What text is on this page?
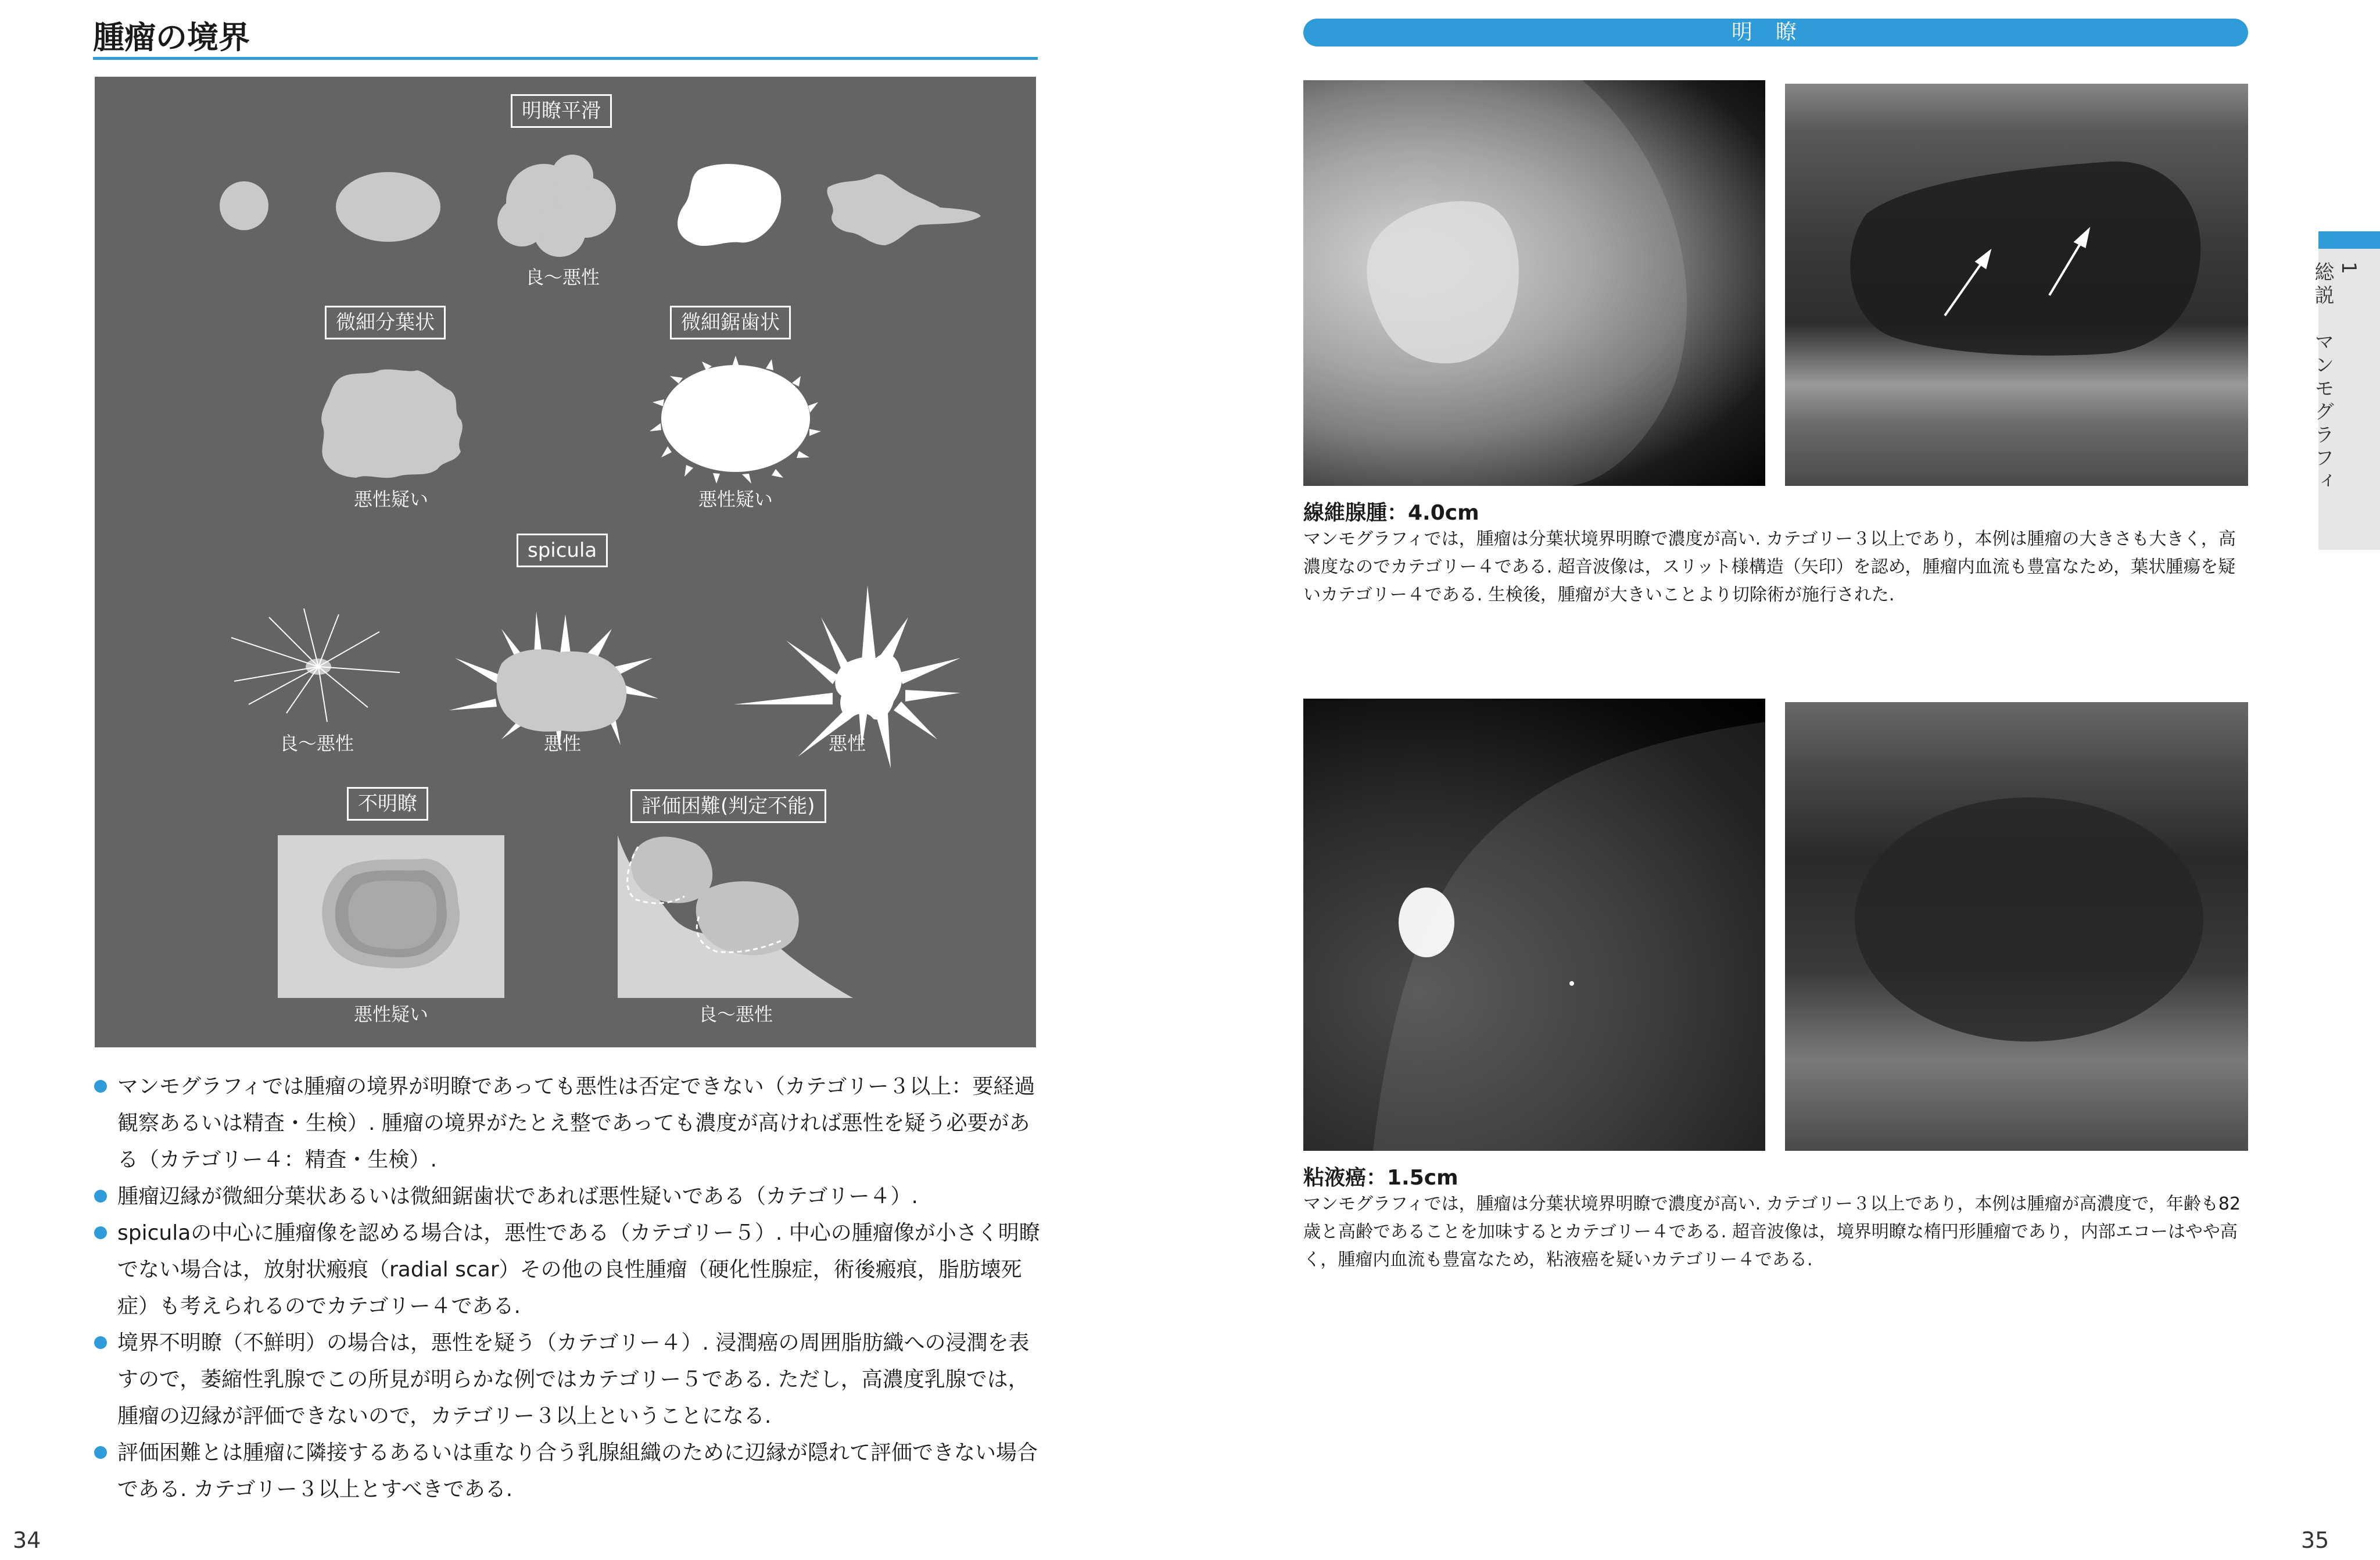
腫瘤の境界
明瞭平滑
良〜悪性
微細分葉状	微細鋸歯状
悪性疑い	悪性疑い
spicula
良〜悪性	悪性	悪性
不明瞭	評価困難(判定不能)
悪性疑い	良〜悪性

マンモグラフィでは腫瘤の境界が明瞭であっても悪性は否定できない（カテゴリー３以上：要経過観察あるいは精査・生検）. 腫瘤の境界がたとえ整であっても濃度が高ければ悪性を疑う必要がある（カテゴリー４：精査・生検）.

腫瘤辺縁が微細分葉状あるいは微細鋸歯状であれば悪性疑いである（カテゴリー４）.

spiculaの中心に腫瘤像を認める場合は，悪性である（カテゴリー５）. 中心の腫瘤像が小さく明瞭でない場合は，放射状瘢痕（radial scar）その他の良性腫瘤（硬化性腺症，術後瘢痕，脂肪壊死症）も考えられるのでカテゴリー４である.

境界不明瞭（不鮮明）の場合は，悪性を疑う（カテゴリー４）. 浸潤癌の周囲脂肪織への浸潤を表すので，萎縮性乳腺でこの所見が明らかな例ではカテゴリー５である. ただし，高濃度乳腺では，腫瘤の辺縁が評価できないので，カテゴリー３以上ということになる.

評価困難とは腫瘤に隣接するあるいは重なり合う乳腺組織のために辺縁が隠れて評価できない場合である. カテゴリー３以上とすべきである.

34
明瞭
線維腺腫：4.0cm
マンモグラフィでは，腫瘤は分葉状境界明瞭で濃度が高い. カテゴリー３以上であり，本例は腫瘤の大きさも大きく，高濃度なのでカテゴリー４である. 超音波像は，スリット様構造（矢印）を認め，腫瘤内血流も豊富なため，葉状腫瘍を疑いカテゴリー４である. 生検後，腫瘤が大きいことより切除術が施行された.
粘液癌：1.5cm
マンモグラフィでは，腫瘤は分葉状境界明瞭で濃度が高い. カテゴリー３以上であり，本例は腫瘤が高濃度で，年齢も82歳と高齢であることを加味するとカテゴリー４である. 超音波像は，境界明瞭な楕円形腫瘤であり，内部エコーはやや高く，腫瘤内血流も豊富なため，粘液癌を疑いカテゴリー４である.
1
総説　マンモグラフィ
35
